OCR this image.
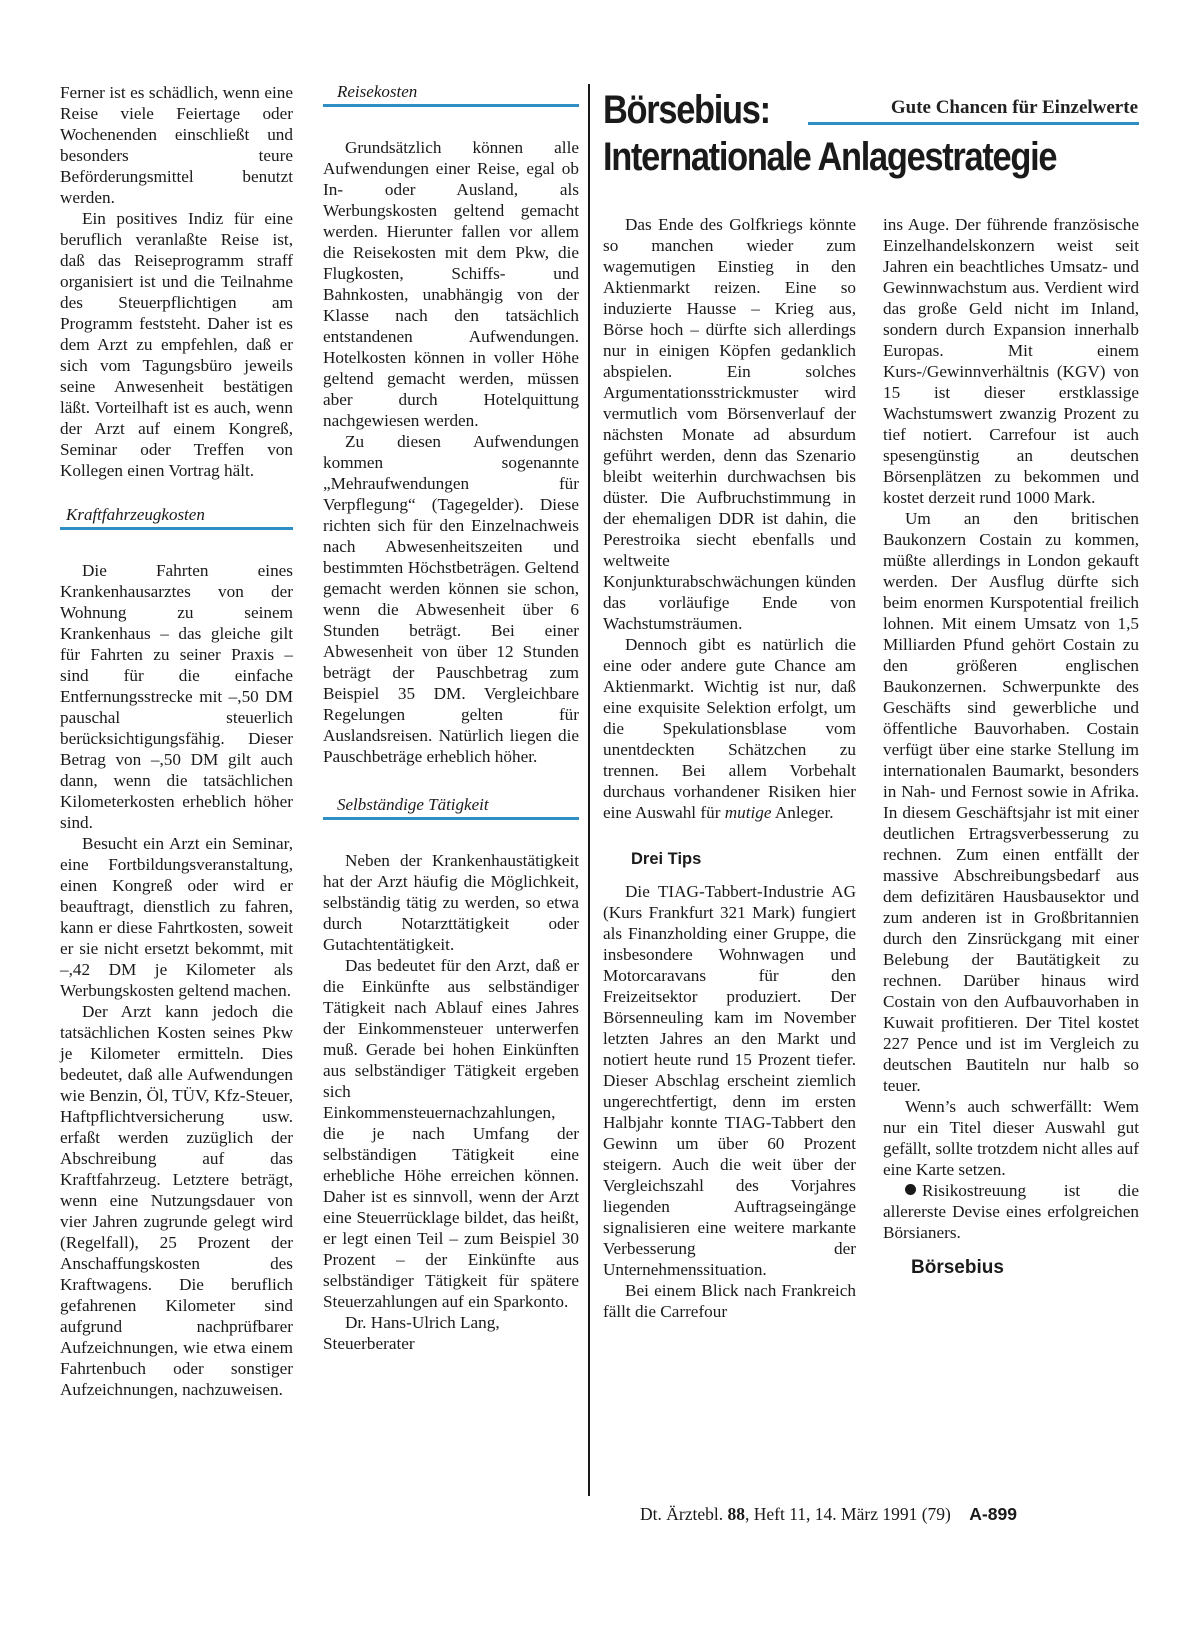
Ferner ist es schädlich, wenn eine Reise viele Feiertage oder Wochenenden einschließt und besonders teure Beförderungsmittel benutzt werden.

Ein positives Indiz für eine beruflich veranlaßte Reise ist, daß das Reiseprogramm straff organisiert ist und die Teilnahme des Steuerpflichtigen am Programm feststeht. Daher ist es dem Arzt zu empfehlen, daß er sich vom Tagungsbüro jeweils seine Anwesenheit bestätigen läßt. Vorteilhaft ist es auch, wenn der Arzt auf einem Kongreß, Seminar oder Treffen von Kollegen einen Vortrag hält.

Kraftfahrzeugkosten

Die Fahrten eines Krankenhausarztes von der Wohnung zu seinem Krankenhaus – das gleiche gilt für Fahrten zu seiner Praxis – sind für die einfache Entfernungsstrecke mit –,50 DM pauschal steuerlich berücksichtigungsfähig. Dieser Betrag von –,50 DM gilt auch dann, wenn die tatsächlichen Kilometerkosten erheblich höher sind.

Besucht ein Arzt ein Seminar, eine Fortbildungsveranstaltung, einen Kongreß oder wird er beauftragt, dienstlich zu fahren, kann er diese Fahrtkosten, soweit er sie nicht ersetzt bekommt, mit –,42 DM je Kilometer als Werbungskosten geltend machen.

Der Arzt kann jedoch die tatsächlichen Kosten seines Pkw je Kilometer ermitteln. Dies bedeutet, daß alle Aufwendungen wie Benzin, Öl, TÜV, Kfz-Steuer, Haftpflichtversicherung usw. erfaßt werden zuzüglich der Abschreibung auf das Kraftfahrzeug. Letztere beträgt, wenn eine Nutzungsdauer von vier Jahren zugrunde gelegt wird (Regelfall), 25 Prozent der Anschaffungskosten des Kraftwagens. Die beruflich gefahrenen Kilometer sind aufgrund nachprüfbarer Aufzeichnungen, wie etwa einem Fahrtenbuch oder sonstiger Aufzeichnungen, nachzuweisen.

Reisekosten

Grundsätzlich können alle Aufwendungen einer Reise, egal ob In- oder Ausland, als Werbungskosten geltend gemacht werden. Hierunter fallen vor allem die Reisekosten mit dem Pkw, die Flugkosten, Schiffs- und Bahnkosten, unabhängig von der Klasse nach den tatsächlich entstandenen Aufwendungen. Hotelkosten können in voller Höhe geltend gemacht werden, müssen aber durch Hotelquittung nachgewiesen werden.

Zu diesen Aufwendungen kommen sogenannte „Mehraufwendungen für Verpflegung“ (Tagegelder). Diese richten sich für den Einzelnachweis nach Abwesenheitszeiten und bestimmten Höchstbeträgen. Geltend gemacht werden können sie schon, wenn die Abwesenheit über 6 Stunden beträgt. Bei einer Abwesenheit von über 12 Stunden beträgt der Pauschbetrag zum Beispiel 35 DM. Vergleichbare Regelungen gelten für Auslandsreisen. Natürlich liegen die Pauschbeträge erheblich höher.

Selbständige Tätigkeit

Neben der Krankenhaustätigkeit hat der Arzt häufig die Möglichkeit, selbständig tätig zu werden, so etwa durch Notarzttätigkeit oder Gutachtentätigkeit.

Das bedeutet für den Arzt, daß er die Einkünfte aus selbständiger Tätigkeit nach Ablauf eines Jahres der Einkommensteuer unterwerfen muß. Gerade bei hohen Einkünften aus selbständiger Tätigkeit ergeben sich Einkommensteuernachzahlungen, die je nach Umfang der selbständigen Tätigkeit eine erhebliche Höhe erreichen können. Daher ist es sinnvoll, wenn der Arzt eine Steuerrücklage bildet, das heißt, er legt einen Teil – zum Beispiel 30 Prozent – der Einkünfte aus selbständiger Tätigkeit für spätere Steuerzahlungen auf ein Sparkonto.

Dr. Hans-Ulrich Lang,

Steuerberater

Börsebius:	Gute Chancen für Einzelwerte
Internationale Anlagestrategie

Das Ende des Golfkriegs könnte so manchen wieder zum wagemutigen Einstieg in den Aktienmarkt reizen. Eine so induzierte Hausse – Krieg aus, Börse hoch – dürfte sich allerdings nur in einigen Köpfen gedanklich abspielen. Ein solches Argumentationsstrickmuster wird vermutlich vom Börsenverlauf der nächsten Monate ad absurdum geführt werden, denn das Szenario bleibt weiterhin durchwachsen bis düster. Die Aufbruchstimmung in der ehemaligen DDR ist dahin, die Perestroika siecht ebenfalls und weltweite Konjunkturabschwächungen künden das vorläufige Ende von Wachstumsträumen.

Dennoch gibt es natürlich die eine oder andere gute Chance am Aktienmarkt. Wichtig ist nur, daß eine exquisite Selektion erfolgt, um die Spekulationsblase vom unentdeckten Schätzchen zu trennen. Bei allem Vorbehalt durchaus vorhandener Risiken hier eine Auswahl für mutige Anleger.

Drei Tips

Die TIAG-Tabbert-Industrie AG (Kurs Frankfurt 321 Mark) fungiert als Finanzholding einer Gruppe, die insbesondere Wohnwagen und Motorcaravans für den Freizeitsektor produziert. Der Börsenneuling kam im November letzten Jahres an den Markt und notiert heute rund 15 Prozent tiefer. Dieser Abschlag erscheint ziemlich ungerechtfertigt, denn im ersten Halbjahr konnte TIAG-Tabbert den Gewinn um über 60 Prozent steigern. Auch die weit über der Vergleichszahl des Vorjahres liegenden Auftragseingänge signalisieren eine weitere markante Verbesserung der Unternehmenssituation.

Bei einem Blick nach Frankreich fällt die Carrefour

ins Auge. Der führende französische Einzelhandelskonzern weist seit Jahren ein beachtliches Umsatz- und Gewinnwachstum aus. Verdient wird das große Geld nicht im Inland, sondern durch Expansion innerhalb Europas. Mit einem Kurs-/Gewinnverhältnis (KGV) von 15 ist dieser erstklassige Wachstumswert zwanzig Prozent zu tief notiert. Carrefour ist auch spesengünstig an deutschen Börsenplätzen zu bekommen und kostet derzeit rund 1000 Mark.

Um an den britischen Baukonzern Costain zu kommen, müßte allerdings in London gekauft werden. Der Ausflug dürfte sich beim enormen Kurspotential freilich lohnen. Mit einem Umsatz von 1,5 Milliarden Pfund gehört Costain zu den größeren englischen Baukonzernen. Schwerpunkte des Geschäfts sind gewerbliche und öffentliche Bauvorhaben. Costain verfügt über eine starke Stellung im internationalen Baumarkt, besonders in Nah- und Fernost sowie in Afrika. In diesem Geschäftsjahr ist mit einer deutlichen Ertragsverbesserung zu rechnen. Zum einen entfällt der massive Abschreibungsbedarf aus dem defizitären Hausbausektor und zum anderen ist in Großbritannien durch den Zinsrückgang mit einer Belebung der Bautätigkeit zu rechnen. Darüber hinaus wird Costain von den Aufbauvorhaben in Kuwait profitieren. Der Titel kostet 227 Pence und ist im Vergleich zu deutschen Bautiteln nur halb so teuer.

Wenn’s auch schwerfällt: Wem nur ein Titel dieser Auswahl gut gefällt, sollte trotzdem nicht alles auf eine Karte setzen.

Risikostreuung ist die allererste Devise eines erfolgreichen Börsianers.

Börsebius
Dt. Ärztebl. 88, Heft 11, 14. März 1991 (79) A-899
